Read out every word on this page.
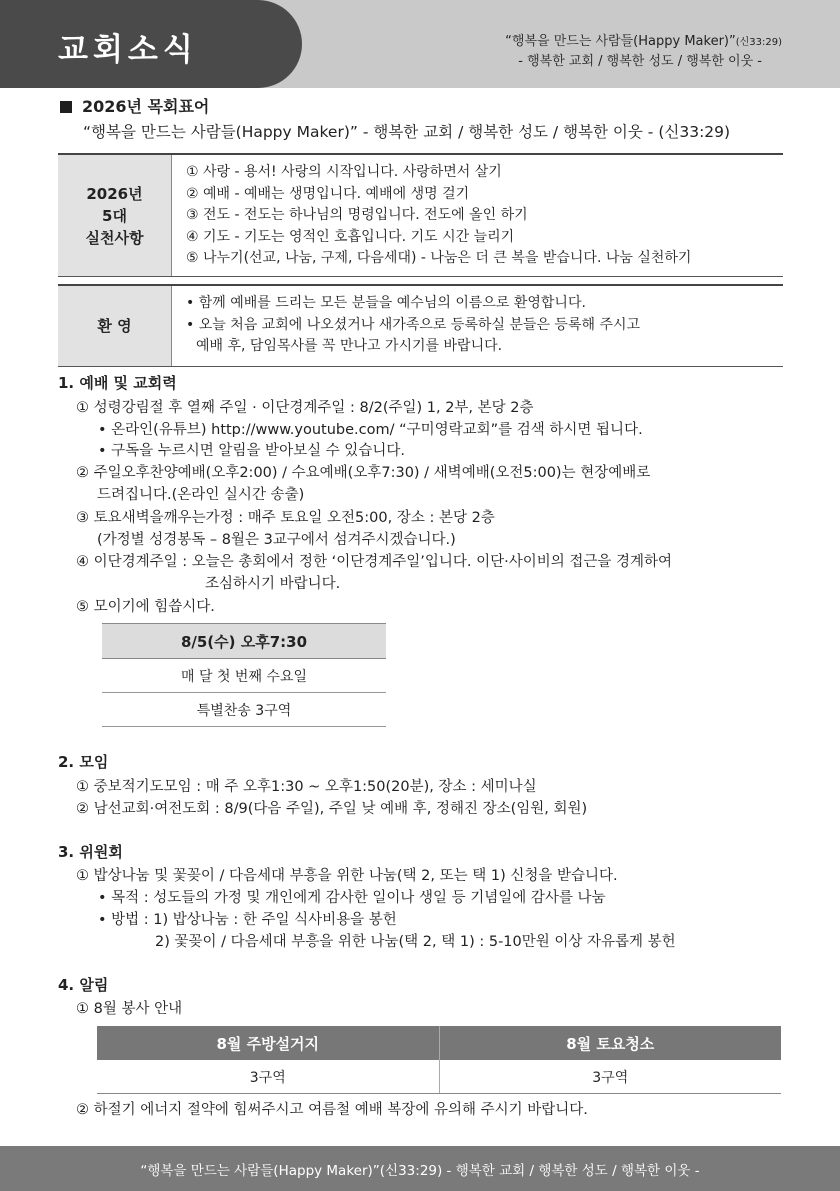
교회소식	“행복을 만드는 사람들(Happy Maker)”(신33:29)
- 행복한 교회 / 행복한 성도 / 행복한 이웃 -
2026년 목회표어
“행복을 만드는 사람들(Happy Maker)” - 행복한 교회 / 행복한 성도 / 행복한 이웃 - (신33:29)
2026년
5대
실천사항
① 사랑 - 용서! 사랑의 시작입니다. 사랑하면서 살기
② 예배 - 예배는 생명입니다. 예배에 생명 걸기
③ 전도 - 전도는 하나님의 명령입니다. 전도에 올인 하기
④ 기도 - 기도는 영적인 호흡입니다. 기도 시간 늘리기
⑤ 나누기(선교, 나눔, 구제, 다음세대) - 나눔은 더 큰 복을 받습니다. 나눔 실천하기
환 영
• 함께 예배를 드리는 모든 분들을 예수님의 이름으로 환영합니다.
• 오늘 처음 교회에 나오셨거나 새가족으로 등록하실 분들은 등록해 주시고
예배 후, 담임목사를 꼭 만나고 가시기를 바랍니다.
1. 예배 및 교회력
① 성령강림절 후 열째 주일 · 이단경계주일 : 8/2(주일) 1, 2부, 본당 2층
• 온라인(유튜브) http://www.youtube.com/ “구미영락교회”를 검색 하시면 됩니다.
• 구독을 누르시면 알림을 받아보실 수 있습니다.
② 주일오후찬양예배(오후2:00) / 수요예배(오후7:30) / 새벽예배(오전5:00)는 현장예배로
드려집니다.(온라인 실시간 송출)
③ 토요새벽을깨우는가정 : 매주 토요일 오전5:00, 장소 : 본당 2층
(가정별 성경봉독 – 8월은 3교구에서 섬겨주시겠습니다.)
④ 이단경계주일 : 오늘은 총회에서 정한 ‘이단경계주일’입니다. 이단·사이비의 접근을 경계하여
조심하시기 바랍니다.
⑤ 모이기에 힘씁시다.
8/5(수) 오후7:30
매 달 첫 번째 수요일
특별찬송 3구역
2. 모임
① 중보적기도모임 : 매 주 오후1:30 ~ 오후1:50(20분), 장소 : 세미나실
② 남선교회·여전도회 : 8/9(다음 주일), 주일 낮 예배 후, 정해진 장소(임원, 회원)
3. 위원회
① 밥상나눔 및 꽃꽂이 / 다음세대 부흥을 위한 나눔(택 2, 또는 택 1) 신청을 받습니다.
• 목적 : 성도들의 가정 및 개인에게 감사한 일이나 생일 등 기념일에 감사를 나눔
• 방법 : 1) 밥상나눔 : 한 주일 식사비용을 봉헌
2) 꽃꽂이 / 다음세대 부흥을 위한 나눔(택 2, 택 1) : 5-10만원 이상 자유롭게 봉헌
4. 알림
① 8월 봉사 안내
8월 주방설거지	8월 토요청소
3구역	3구역
② 하절기 에너지 절약에 힘써주시고 여름철 예배 복장에 유의해 주시기 바랍니다.
“행복을 만드는 사람들(Happy Maker)”(신33:29) - 행복한 교회 / 행복한 성도 / 행복한 이웃 -
